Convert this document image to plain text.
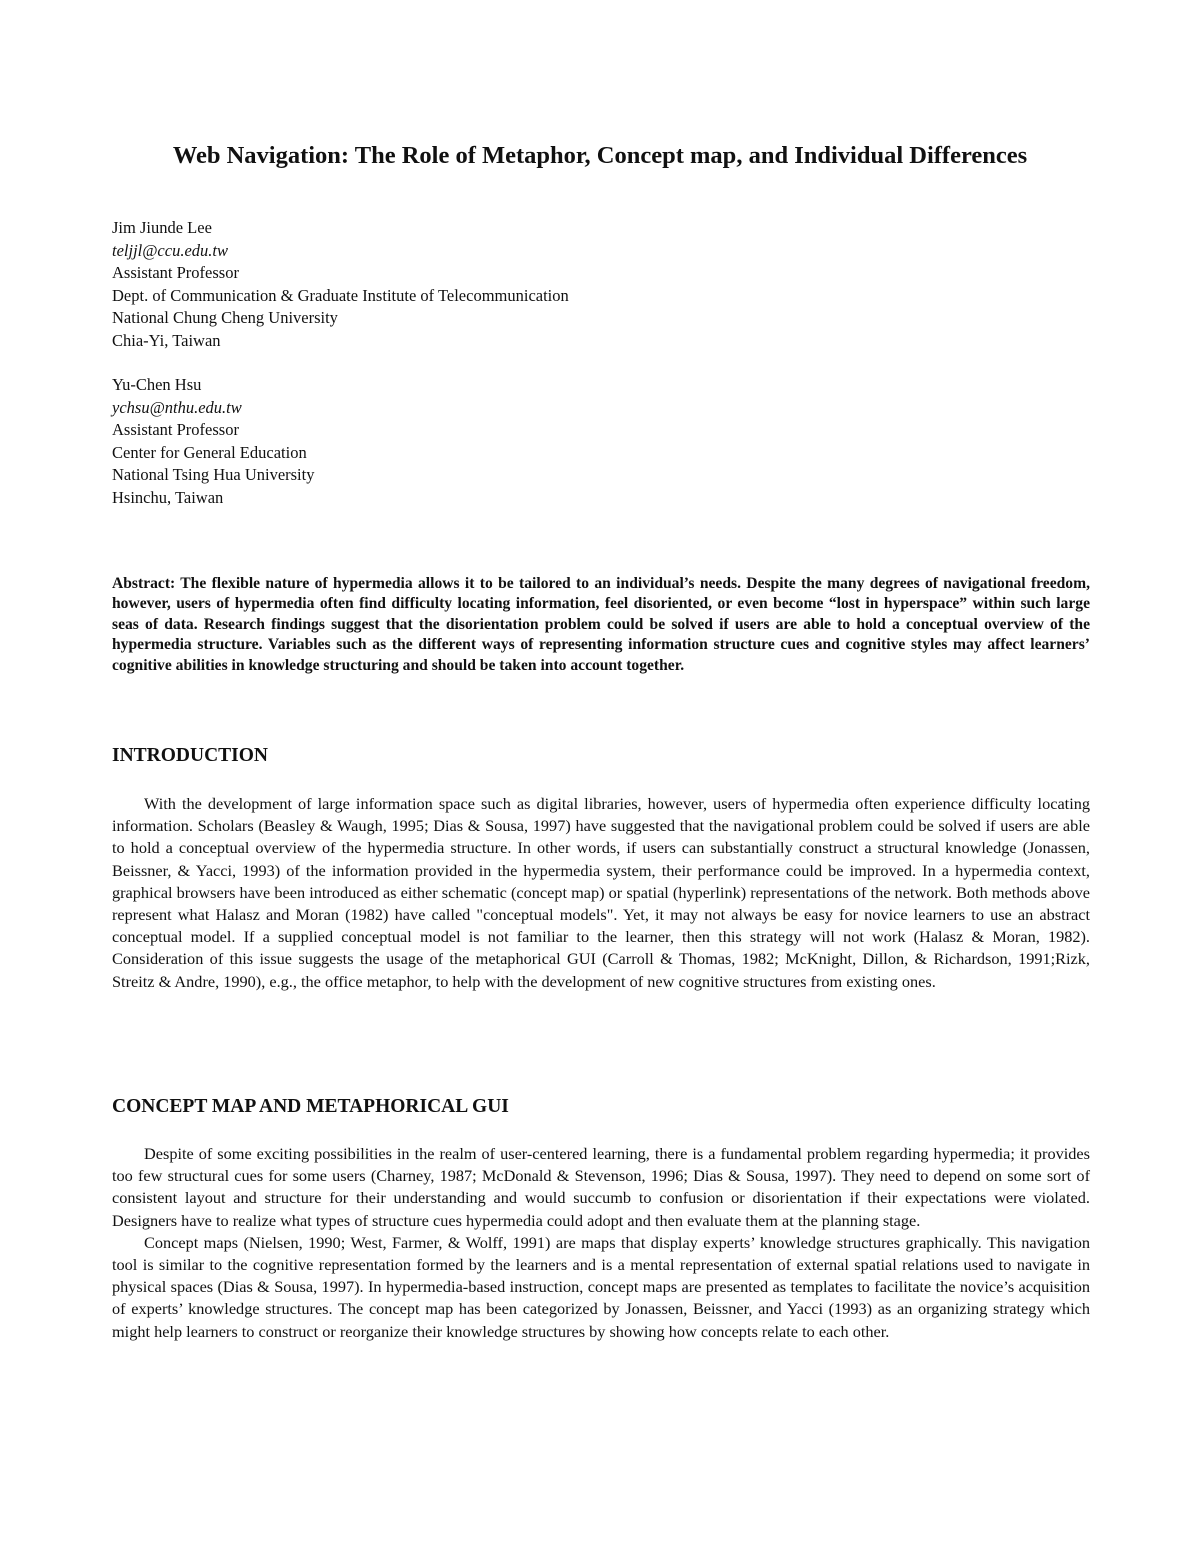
Web Navigation: The Role of Metaphor, Concept map, and Individual Differences
Jim Jiunde Lee
teljjl@ccu.edu.tw
Assistant Professor
Dept. of Communication & Graduate Institute of Telecommunication
National Chung Cheng University
Chia-Yi, Taiwan
Yu-Chen Hsu
ychsu@nthu.edu.tw
Assistant Professor
Center for General Education
National Tsing Hua University
Hsinchu, Taiwan

Abstract: The flexible nature of hypermedia allows it to be tailored to an individual’s needs. Despite the many degrees of navigational freedom, however, users of hypermedia often find difficulty locating information, feel disoriented, or even become “lost in hyperspace” within such large seas of data. Research findings suggest that the disorientation problem could be solved if users are able to hold a conceptual overview of the hypermedia structure. Variables such as the different ways of representing information structure cues and cognitive styles may affect learners’ cognitive abilities in knowledge structuring and should be taken into account together.

INTRODUCTION

With the development of large information space such as digital libraries, however, users of hypermedia often experience difficulty locating information. Scholars (Beasley & Waugh, 1995; Dias & Sousa, 1997) have suggested that the navigational problem could be solved if users are able to hold a conceptual overview of the hypermedia structure. In other words, if users can substantially construct a structural knowledge (Jonassen, Beissner, & Yacci, 1993) of the information provided in the hypermedia system, their performance could be improved. In a hypermedia context, graphical browsers have been introduced as either schematic (concept map) or spatial (hyperlink) representations of the network. Both methods above represent what Halasz and Moran (1982) have called "conceptual models". Yet, it may not always be easy for novice learners to use an abstract conceptual model. If a supplied conceptual model is not familiar to the learner, then this strategy will not work (Halasz & Moran, 1982). Consideration of this issue suggests the usage of the metaphorical GUI (Carroll & Thomas, 1982; McKnight, Dillon, & Richardson, 1991;Rizk, Streitz & Andre, 1990), e.g., the office metaphor, to help with the development of new cognitive structures from existing ones.

CONCEPT MAP AND METAPHORICAL GUI

Despite of some exciting possibilities in the realm of user-centered learning, there is a fundamental problem regarding hypermedia; it provides too few structural cues for some users (Charney, 1987; McDonald & Stevenson, 1996; Dias & Sousa, 1997). They need to depend on some sort of consistent layout and structure for their understanding and would succumb to confusion or disorientation if their expectations were violated. Designers have to realize what types of structure cues hypermedia could adopt and then evaluate them at the planning stage.

Concept maps (Nielsen, 1990; West, Farmer, & Wolff, 1991) are maps that display experts’ knowledge structures graphically. This navigation tool is similar to the cognitive representation formed by the learners and is a mental representation of external spatial relations used to navigate in physical spaces (Dias & Sousa, 1997). In hypermedia-based instruction, concept maps are presented as templates to facilitate the novice’s acquisition of experts’ knowledge structures. The concept map has been categorized by Jonassen, Beissner, and Yacci (1993) as an organizing strategy which might help learners to construct or reorganize their knowledge structures by showing how concepts relate to each other.
